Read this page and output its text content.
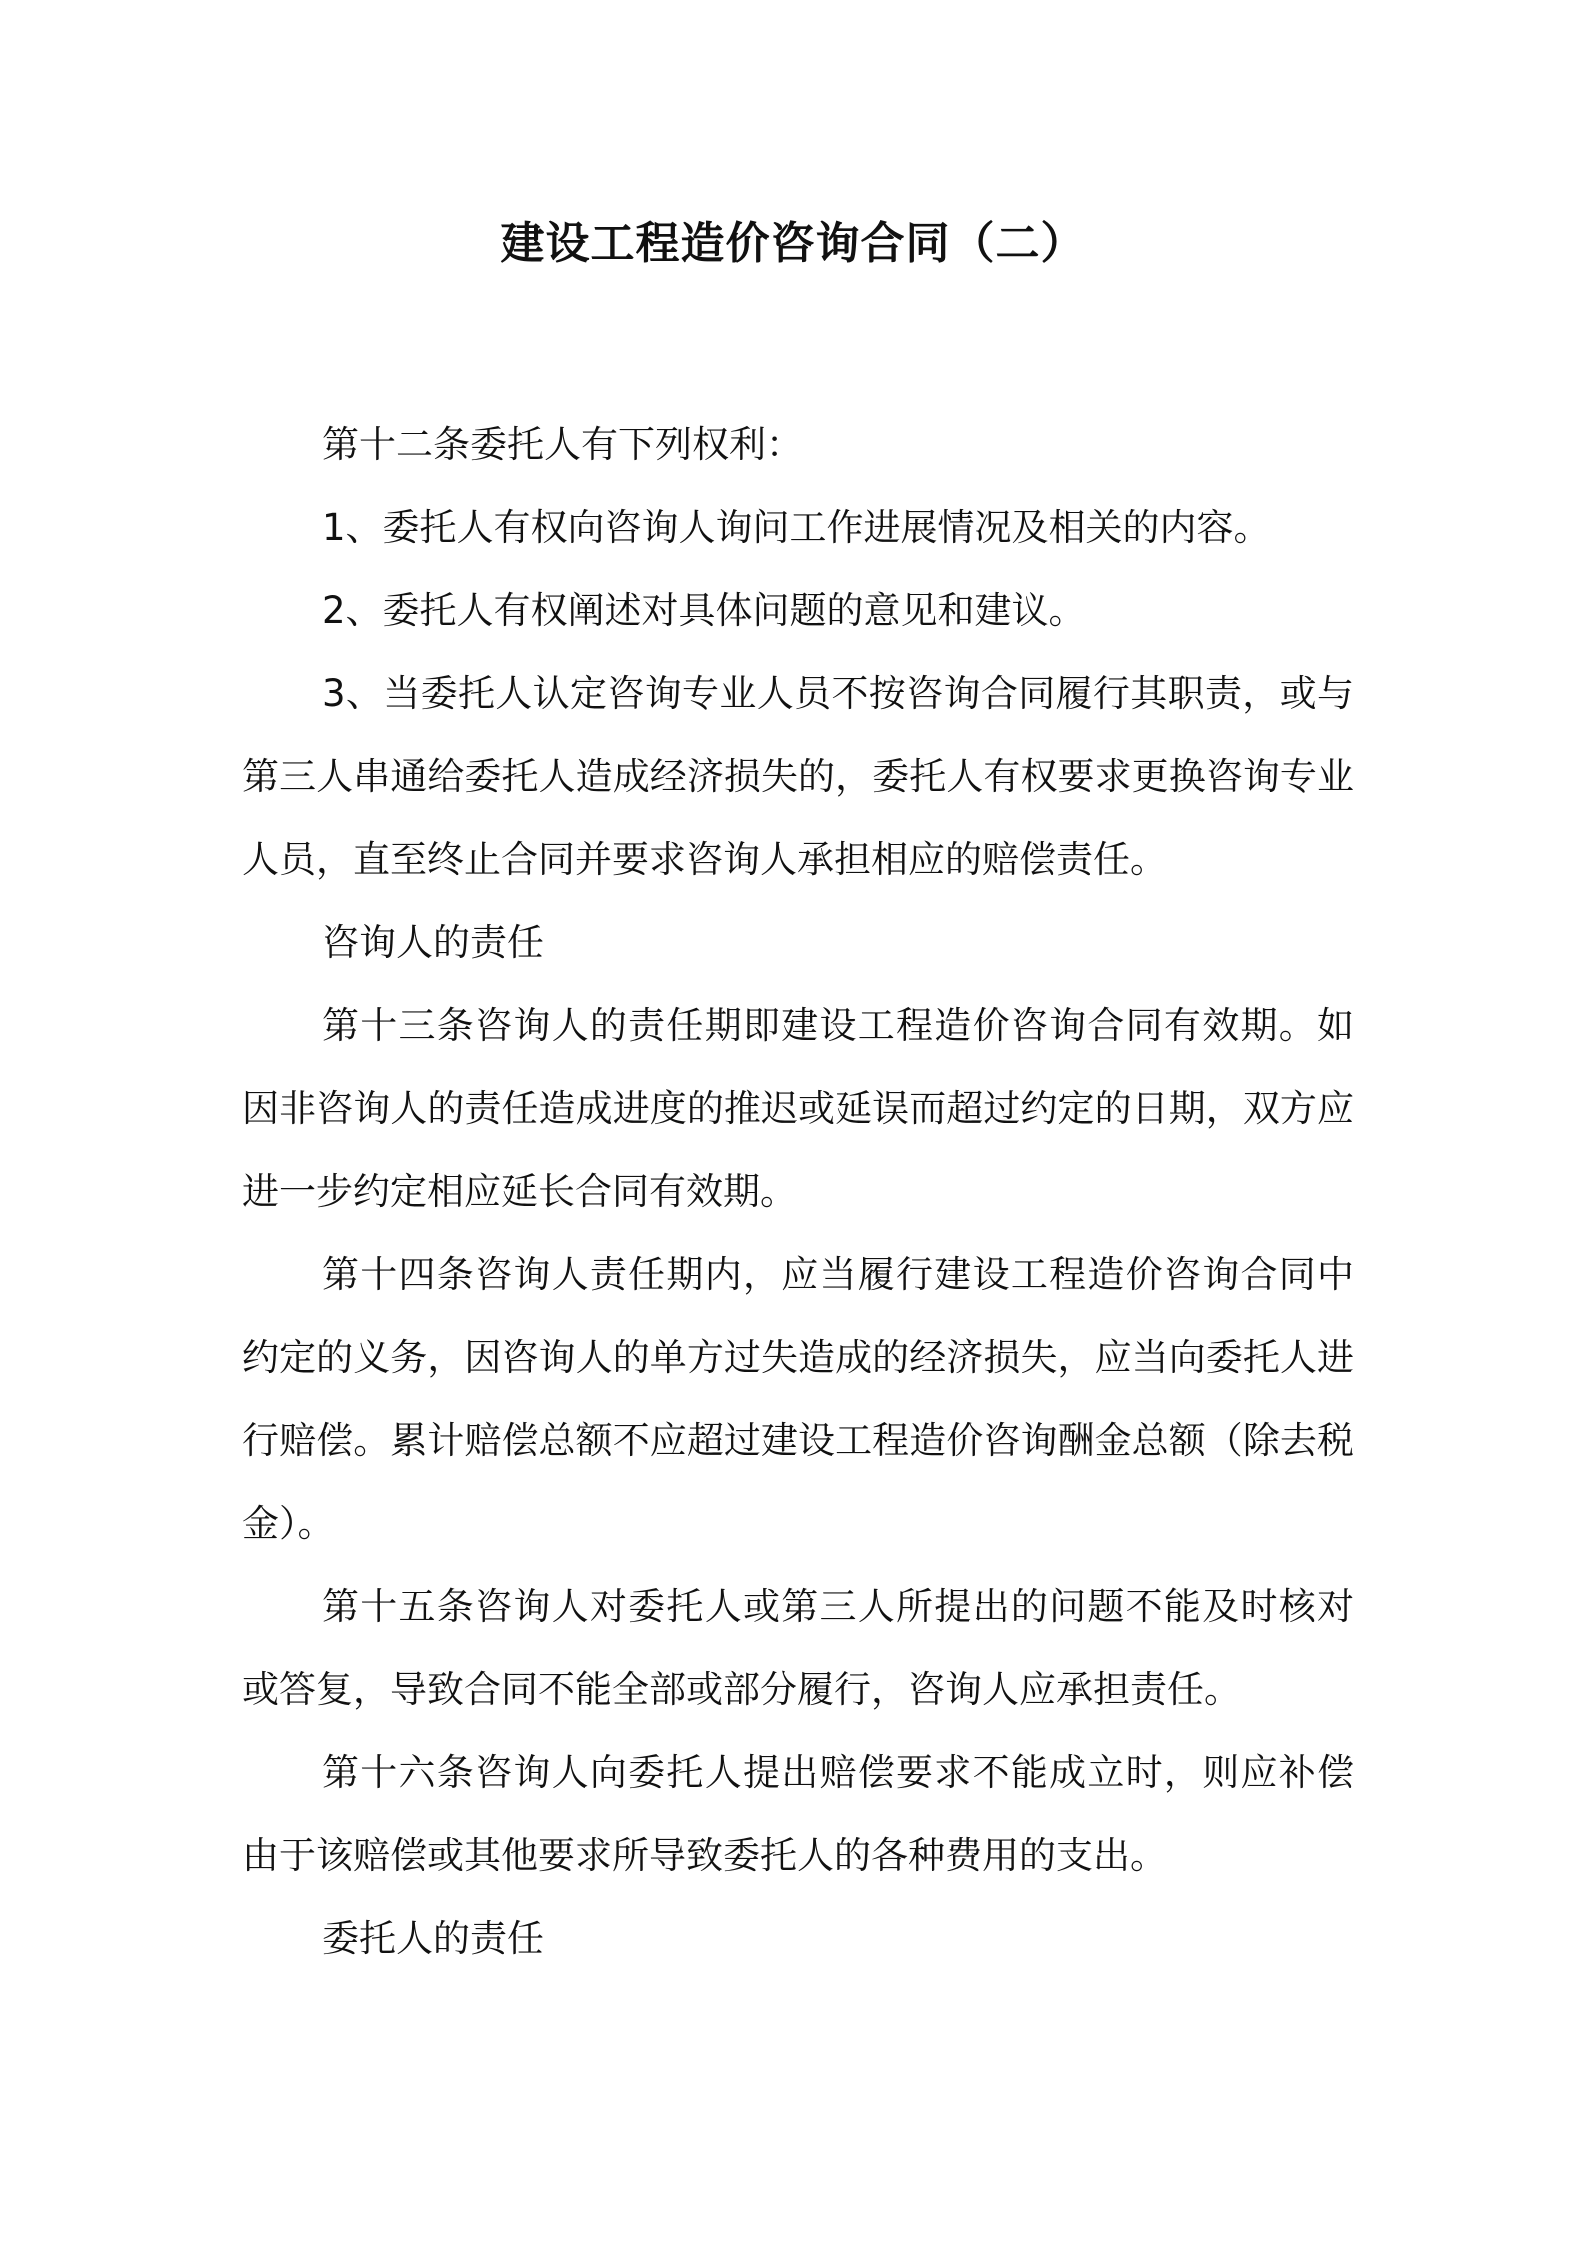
建设工程造价咨询合同（二）

第十二条委托人有下列权利：

1、委托人有权向咨询人询问工作进展情况及相关的内容。

2、委托人有权阐述对具体问题的意见和建议。

3、当委托人认定咨询专业人员不按咨询合同履行其职责，或与第三人串通给委托人造成经济损失的，委托人有权要求更换咨询专业人员，直至终止合同并要求咨询人承担相应的赔偿责任。

咨询人的责任

第十三条咨询人的责任期即建设工程造价咨询合同有效期。如因非咨询人的责任造成进度的推迟或延误而超过约定的日期，双方应进一步约定相应延长合同有效期。

第十四条咨询人责任期内，应当履行建设工程造价咨询合同中约定的义务，因咨询人的单方过失造成的经济损失，应当向委托人进行赔偿。累计赔偿总额不应超过建设工程造价咨询酬金总额（除去税金）。

第十五条咨询人对委托人或第三人所提出的问题不能及时核对或答复，导致合同不能全部或部分履行，咨询人应承担责任。

第十六条咨询人向委托人提出赔偿要求不能成立时，则应补偿由于该赔偿或其他要求所导致委托人的各种费用的支出。

委托人的责任
